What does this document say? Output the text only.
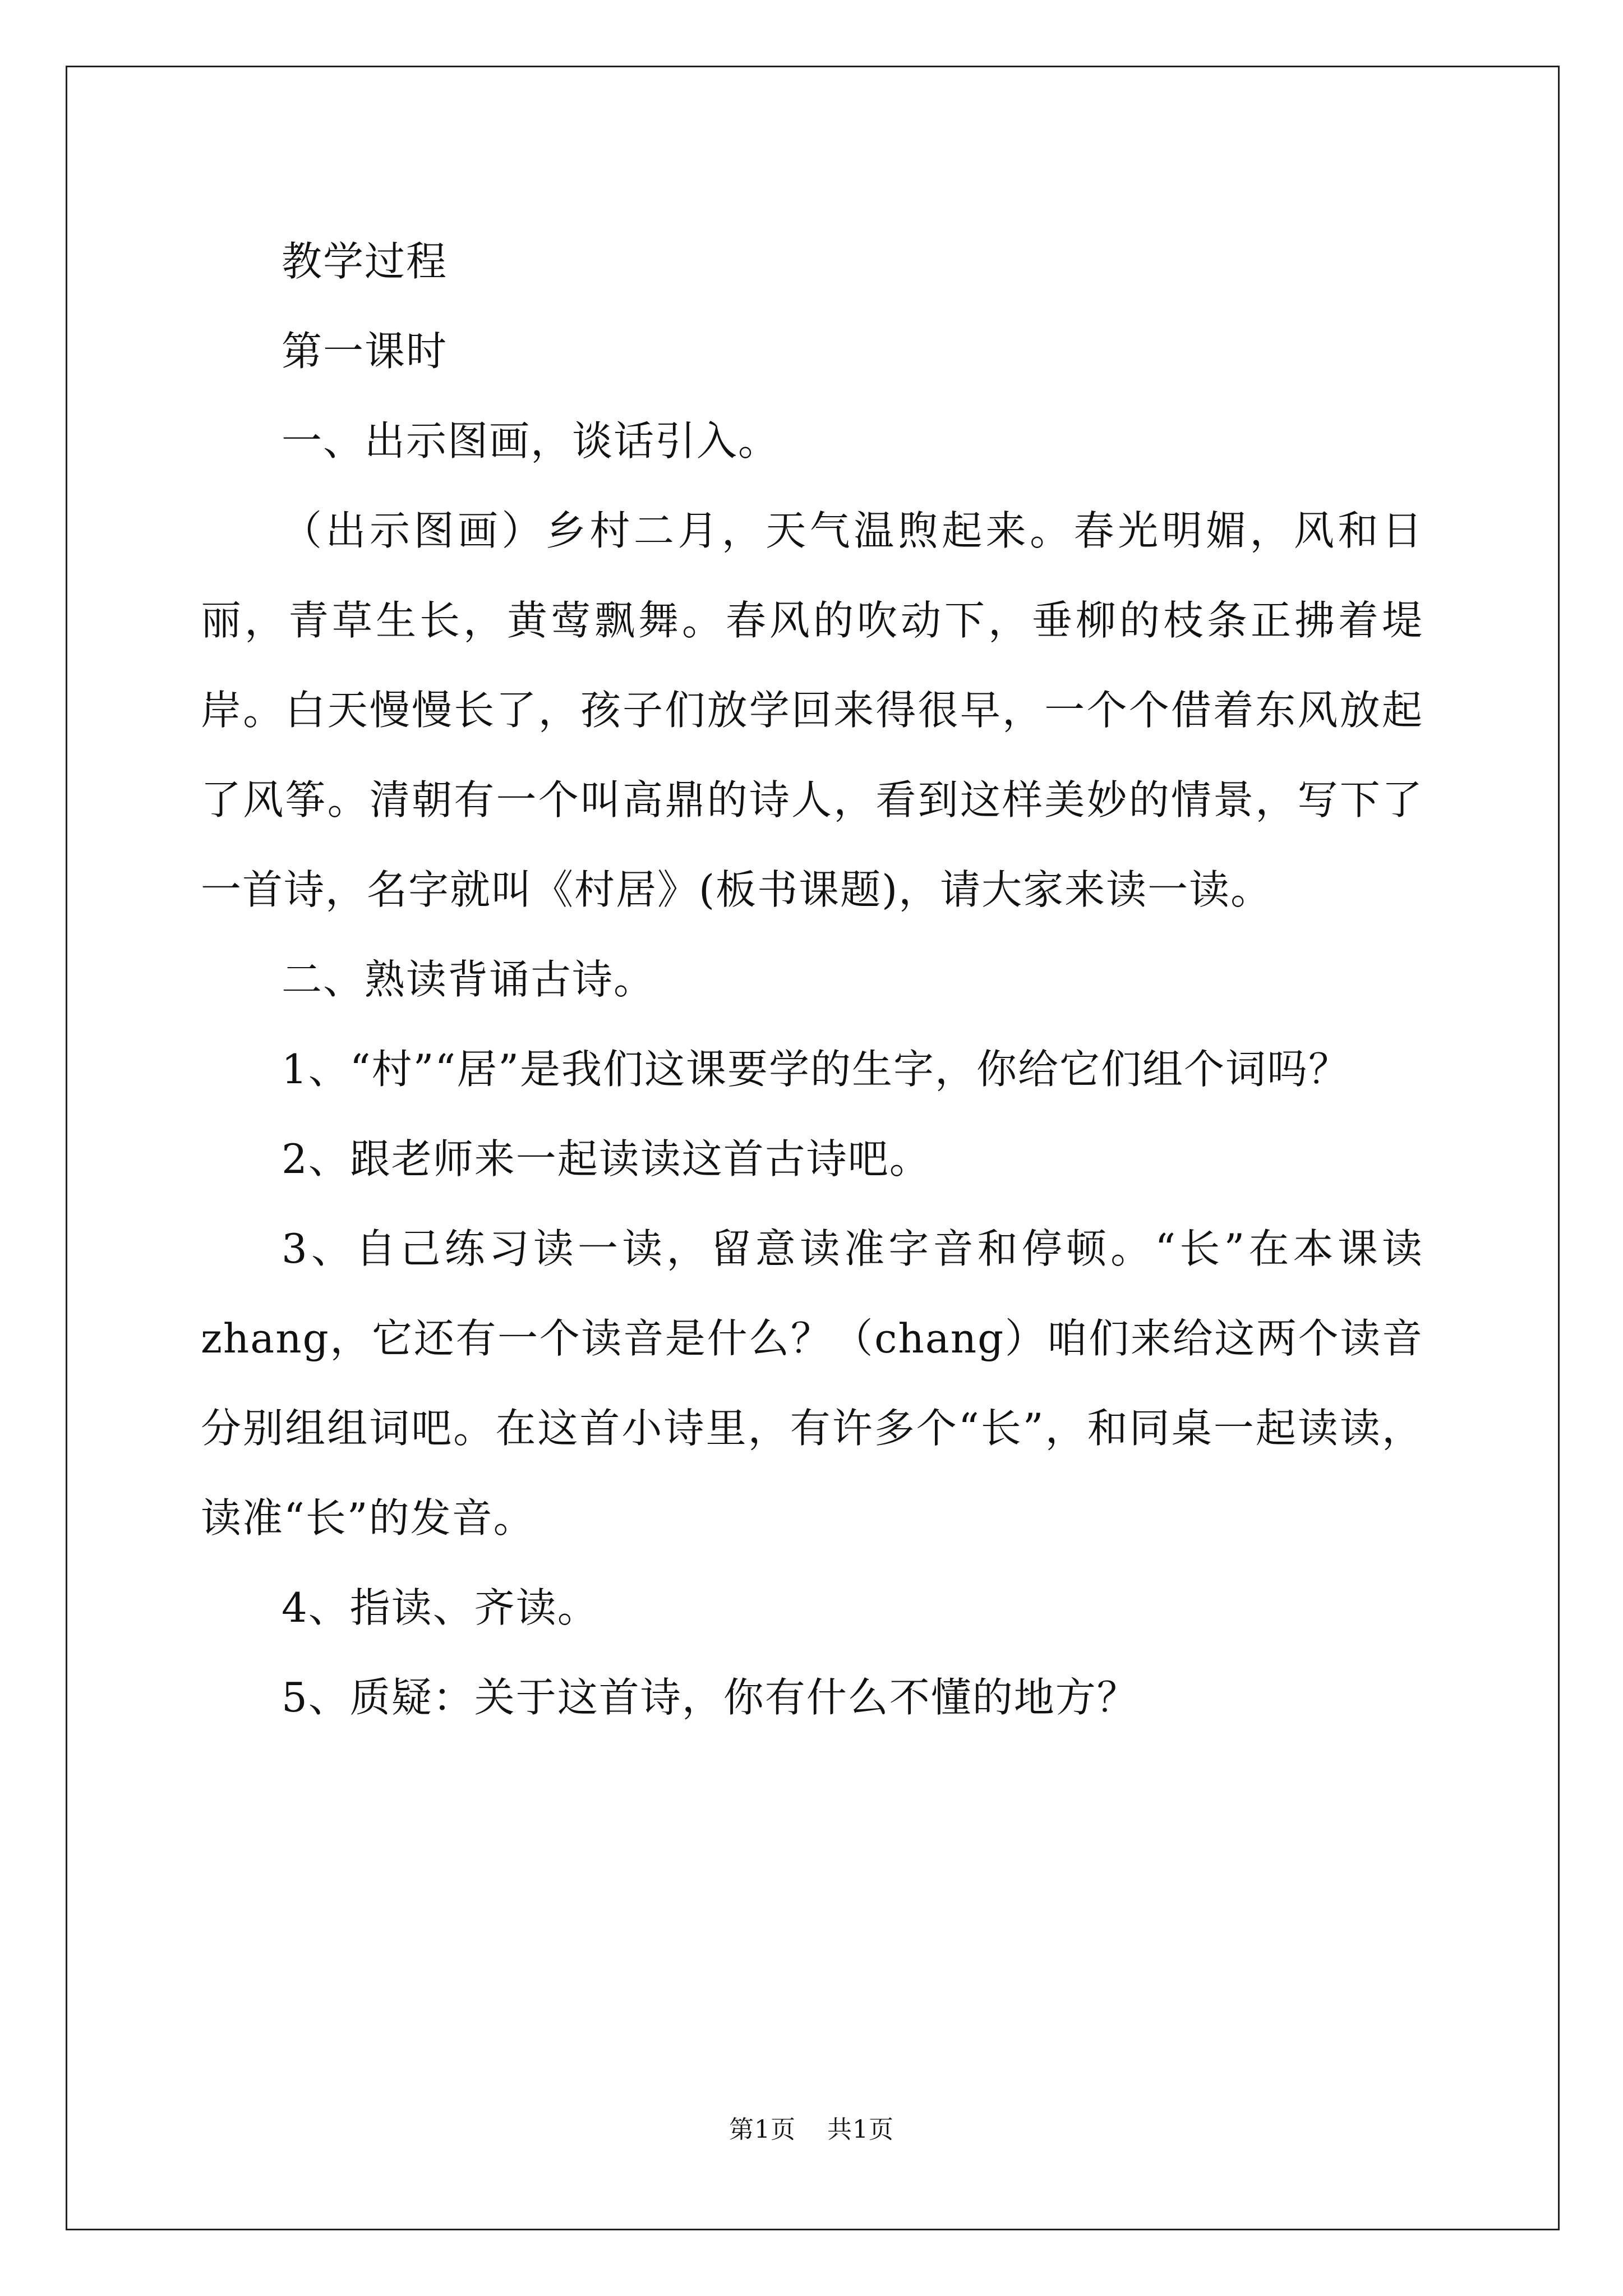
教学过程

第一课时

一、出示图画，谈话引入。

（出示图画）乡村二月，天气温煦起来。春光明媚，风和日丽，青草生长，黄莺飘舞。春风的吹动下，垂柳的枝条正拂着堤岸。白天慢慢长了，孩子们放学回来得很早，一个个借着东风放起了风筝。清朝有一个叫高鼎的诗人，看到这样美妙的情景，写下了一首诗，名字就叫《村居》(板书课题)，请大家来读一读。

二、熟读背诵古诗。

1、“村”“居”是我们这课要学的生字，你给它们组个词吗？

2、跟老师来一起读读这首古诗吧。

3、自己练习读一读，留意读准字音和停顿。“长”在本课读zhang，它还有一个读音是什么？（chang）咱们来给这两个读音分别组组词吧。在这首小诗里，有许多个“长”，和同桌一起读读，读准“长”的发音。

4、指读、齐读。

5、质疑：关于这首诗，你有什么不懂的地方？

第1页 共1页
